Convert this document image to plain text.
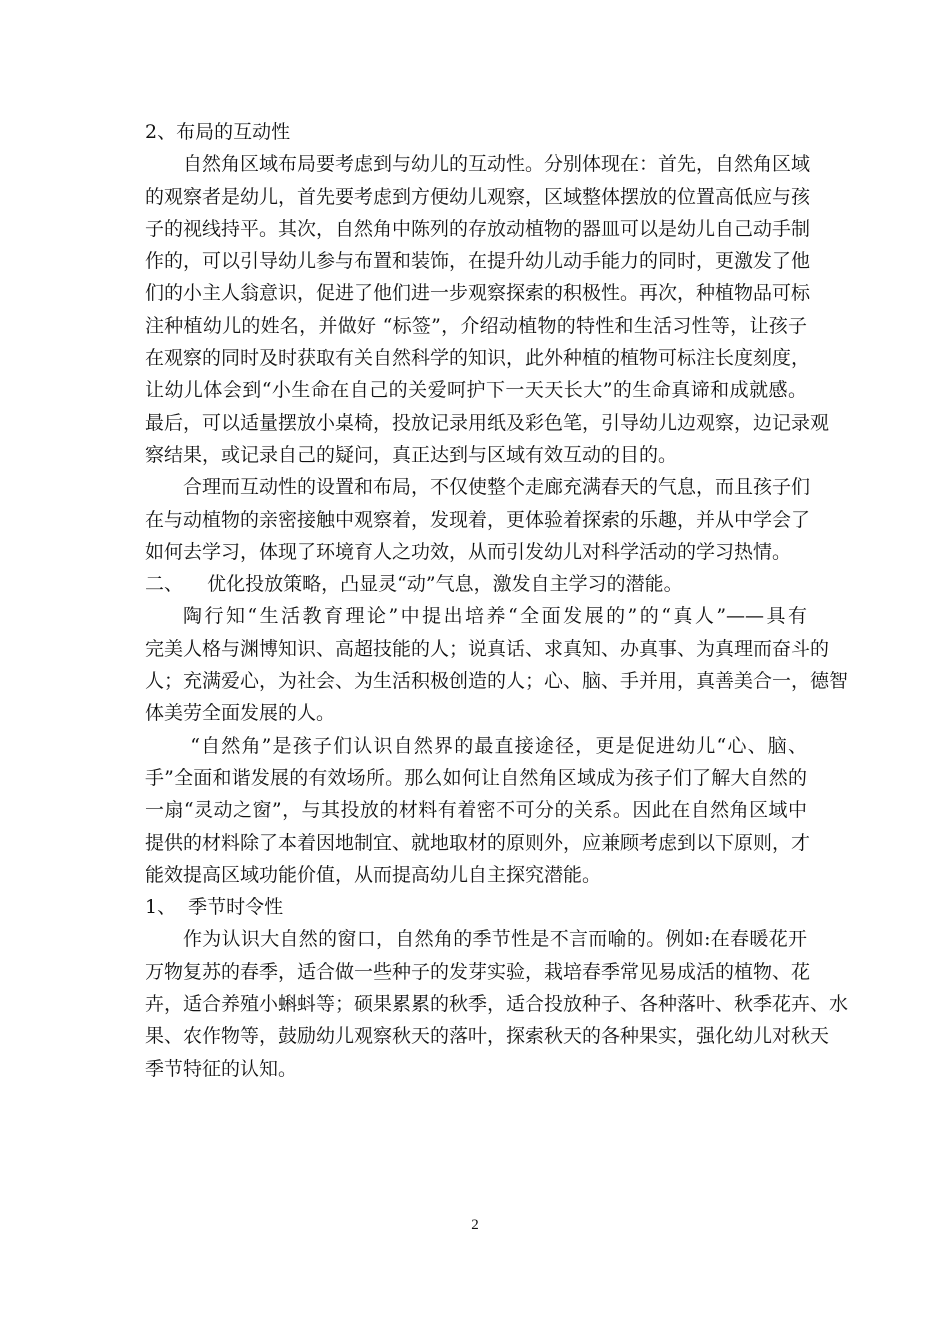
2、布局的互动性
自然角区域布局要考虑到与幼儿的互动性。分别体现在：首先，自然角区域
的观察者是幼儿，首先要考虑到方便幼儿观察，区域整体摆放的位置高低应与孩
子的视线持平。其次，自然角中陈列的存放动植物的器皿可以是幼儿自己动手制
作的，可以引导幼儿参与布置和装饰，在提升幼儿动手能力的同时，更激发了他
们的小主人翁意识，促进了他们进一步观察探索的积极性。再次，种植物品可标
注种植幼儿的姓名，并做好 “标签”，介绍动植物的特性和生活习性等，让孩子
在观察的同时及时获取有关自然科学的知识，此外种植的植物可标注长度刻度，
让幼儿体会到“小生命在自己的关爱呵护下一天天长大”的生命真谛和成就感。
最后，可以适量摆放小桌椅，投放记录用纸及彩色笔，引导幼儿边观察，边记录观
察结果，或记录自己的疑问，真正达到与区域有效互动的目的。
合理而互动性的设置和布局，不仅使整个走廊充满春天的气息，而且孩子们
在与动植物的亲密接触中观察着，发现着，更体验着探索的乐趣，并从中学会了
如何去学习，体现了环境育人之功效，从而引发幼儿对科学活动的学习热情。
二、    优化投放策略，凸显灵“动”气息，激发自主学习的潜能。
陶行知“生活教育理论”中提出培养“全面发展的”的“真人”——具有
完美人格与渊博知识、高超技能的人；说真话、求真知、办真事、为真理而奋斗的
人；充满爱心，为社会、为生活积极创造的人；心、脑、手并用，真善美合一，德智
体美劳全面发展的人。
“自然角”是孩子们认识自然界的最直接途径，更是促进幼儿“心、脑、
手”全面和谐发展的有效场所。那么如何让自然角区域成为孩子们了解大自然的
一扇“灵动之窗”，与其投放的材料有着密不可分的关系。因此在自然角区域中
提供的材料除了本着因地制宜、就地取材的原则外，应兼顾考虑到以下原则，才
能效提高区域功能价值，从而提高幼儿自主探究潜能。
1、  季节时令性
作为认识大自然的窗口，自然角的季节性是不言而喻的。例如:在春暖花开
万物复苏的春季，适合做一些种子的发芽实验，栽培春季常见易成活的植物、花
卉，适合养殖小蝌蚪等；硕果累累的秋季，适合投放种子、各种落叶、秋季花卉、水
果、农作物等，鼓励幼儿观察秋天的落叶，探索秋天的各种果实，强化幼儿对秋天
季节特征的认知。
2
